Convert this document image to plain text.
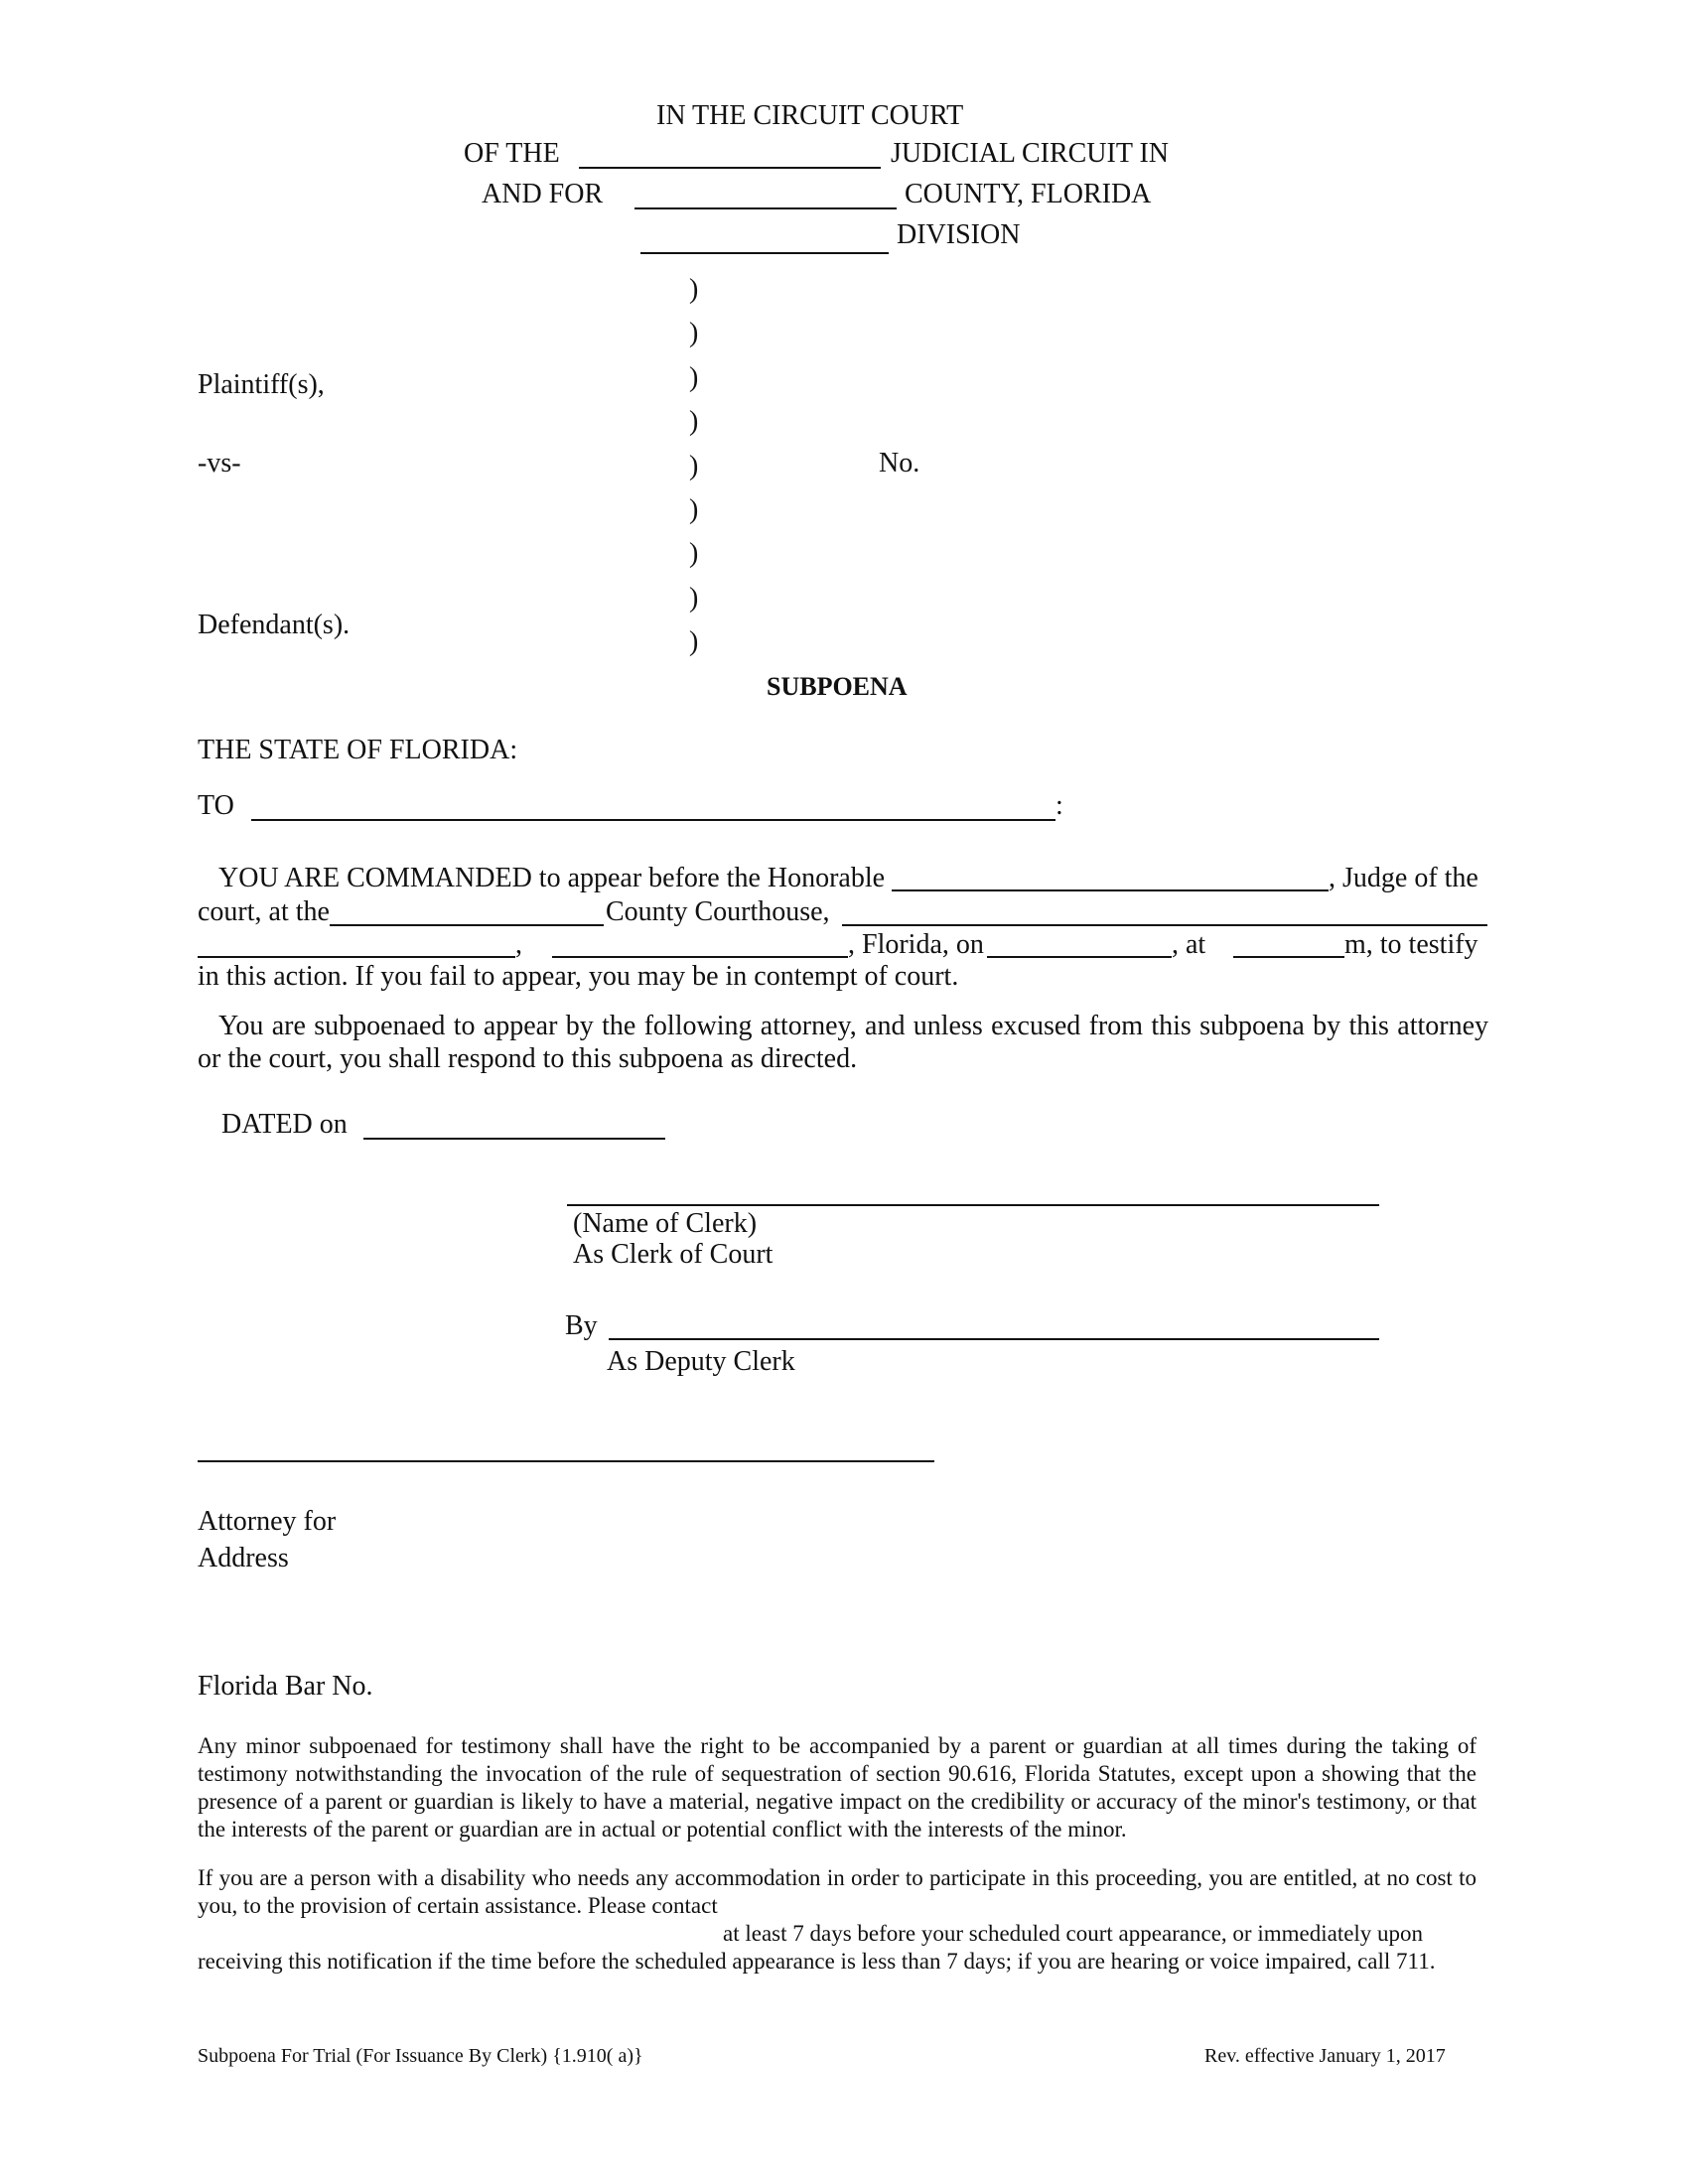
IN THE CIRCUIT COURT
OF THE	JUDICIAL CIRCUIT IN
AND FOR	COUNTY, FLORIDA
DIVISION
)
)
)
)
)
)
)
)
)
Plaintiff(s),
-vs-	No.
Defendant(s).
SUBPOENA
THE STATE OF FLORIDA:
TO	:
YOU ARE COMMANDED to appear before the Honorable	, Judge of the
court, at the	County Courthouse,
,	, Florida, on	, at	m, to testify
in this action. If you fail to appear, you may be in contempt of court.
You are subpoenaed to appear by the following attorney, and unless excused from this subpoena by this attorney or the court, you shall respond to this subpoena as directed.
DATED on
(Name of Clerk)
As Clerk of Court
By
As Deputy Clerk
Attorney for
Address
Florida Bar No.
Any minor subpoenaed for testimony shall have the right to be accompanied by a parent or guardian at all times during the taking of testimony notwithstanding the invocation of the rule of sequestration of section 90.616, Florida Statutes, except upon a showing that the presence of a parent or guardian is likely to have a material, negative impact on the credibility or accuracy of the minor's testimony, or that the interests of the parent or guardian are in actual or potential conflict with the interests of the minor.
If you are a person with a disability who needs any accommodation in order to participate in this proceeding, you are entitled, at no cost to you, to the provision of certain assistance. Please contact
at least 7 days before your scheduled court appearance, or immediately upon
receiving this notification if the time before the scheduled appearance is less than 7 days; if you are hearing or voice impaired, call 711.
Subpoena For Trial (For Issuance By Clerk) {1.910( a)}	Rev. effective January 1, 2017
